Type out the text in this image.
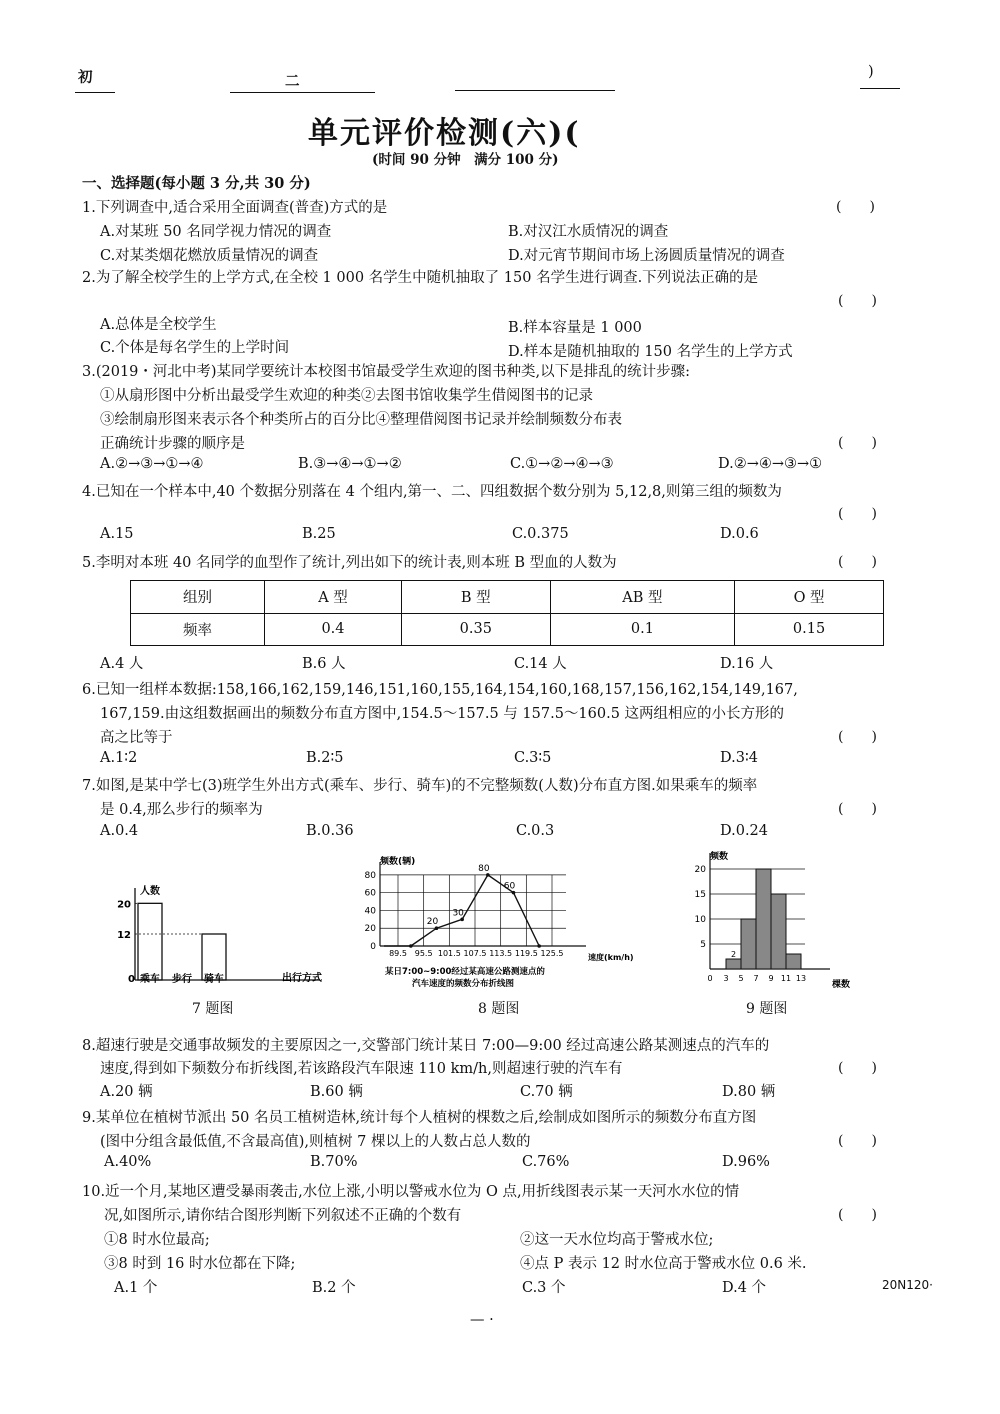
初	二
)
单元评价检测(六)(
(时间 90 分钟　满分 100 分)
一、选择题(每小题 3 分,共 30 分)
1.下列调查中,适合采用全面调查(普查)方式的是	(　　)
A.对某班 50 名同学视力情况的调查	B.对汉江水质情况的调查
C.对某类烟花燃放质量情况的调查	D.对元宵节期间市场上汤圆质量情况的调查
2.为了解全校学生的上学方式,在全校 1 000 名学生中随机抽取了 150 名学生进行调查.下列说法正确的是
(　　)
A.总体是全校学生	B.样本容量是 1 000
C.个体是每名学生的上学时间	D.样本是随机抽取的 150 名学生的上学方式
3.(2019・河北中考)某同学要统计本校图书馆最受学生欢迎的图书种类,以下是排乱的统计步骤:
①从扇形图中分析出最受学生欢迎的种类②去图书馆收集学生借阅图书的记录
③绘制扇形图来表示各个种类所占的百分比④整理借阅图书记录并绘制频数分布表
正确统计步骤的顺序是	(　　)
A.②→③→①→④	B.③→④→①→②	C.①→②→④→③	D.②→④→③→①
4.已知在一个样本中,40 个数据分别落在 4 个组内,第一、二、四组数据个数分别为 5,12,8,则第三组的频数为
(　　)
A.15	B.25	C.0.375	D.0.6
5.李明对本班 40 名同学的血型作了统计,列出如下的统计表,则本班 B 型血的人数为	(　　)
组别	A 型	B 型	AB 型	O 型
频率	0.4	0.35	0.1	0.15
A.4 人	B.6 人	C.14 人	D.16 人
6.已知一组样本数据:158,166,162,159,146,151,160,155,164,154,160,168,157,156,162,154,149,167,
167,159.由这组数据画出的频数分布直方图中,154.5～157.5 与 157.5～160.5 这两组相应的小长方形的
高之比等于	(　　)
A.1∶2	B.2∶5	C.3∶5	D.3∶4
7.如图,是某中学七(3)班学生外出方式(乘车、步行、骑车)的不完整频数(人数)分布直方图.如果乘车的频率
是 0.4,那么步行的频率为	(　　)
A.0.4	B.0.36	C.0.3	D.0.24
人数
0	出行方式
12
20
乘车 步行 骑车
7 题图
频数(辆)
速度(km/h)
0
20
40
60
80
89.5 95.5 101.5 107.5 113.5 119.5 125.5
20
30
80
60
某日7:00~9:00经过某高速公路测速点的
汽车速度的频数分布折线图
8 题图
频数
棵数
5
10
15
20
2
0 3 5 7 9 11 13
9 题图
8.超速行驶是交通事故频发的主要原因之一,交警部门统计某日 7:00—9:00 经过高速公路某测速点的汽车的
速度,得到如下频数分布折线图,若该路段汽车限速 110 km/h,则超速行驶的汽车有	(　　)
A.20 辆	B.60 辆	C.70 辆	D.80 辆
9.某单位在植树节派出 50 名员工植树造林,统计每个人植树的棵数之后,绘制成如图所示的频数分布直方图
(图中分组含最低值,不含最高值),则植树 7 棵以上的人数占总人数的	(　　)
A.40%	B.70%	C.76%	D.96%
10.近一个月,某地区遭受暴雨袭击,水位上涨,小明以警戒水位为 O 点,用折线图表示某一天河水水位的情
况,如图所示,请你结合图形判断下列叙述不正确的个数有	(　　)
①8 时水位最高;	②这一天水位均高于警戒水位;
③8 时到 16 时水位都在下降;	④点 P 表示 12 时水位高于警戒水位 0.6 米.
A.1 个	B.2 个	C.3 个	D.4 个	20N120·
— ·
